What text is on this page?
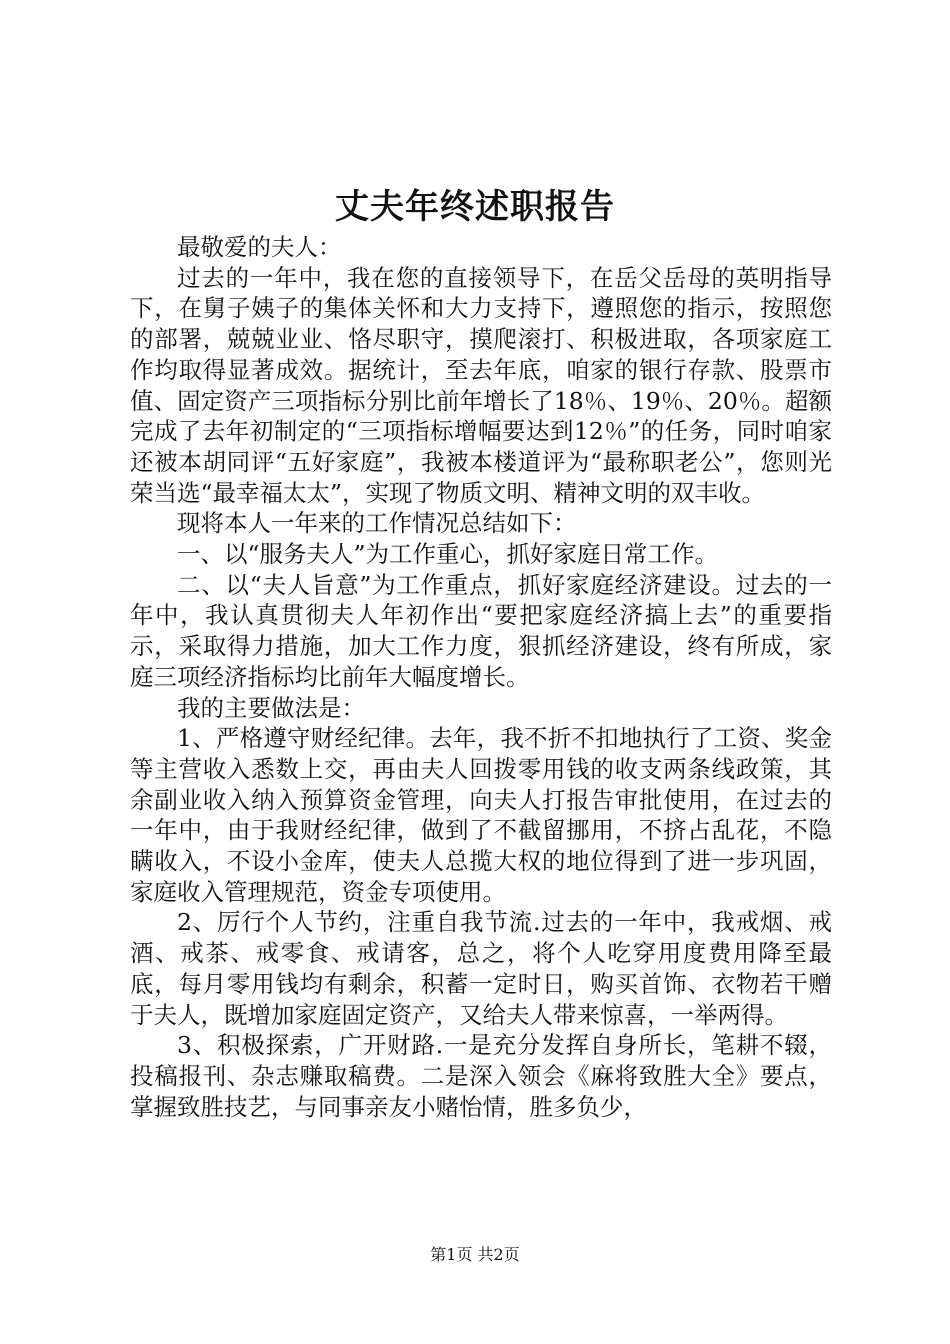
丈夫年终述职报告

最敬爱的夫人：

过去的一年中，我在您的直接领导下，在岳父岳母的英明指导下，在舅子姨子的集体关怀和大力支持下，遵照您的指示，按照您的部署，兢兢业业、恪尽职守，摸爬滚打、积极进取，各项家庭工作均取得显著成效。据统计，至去年底，咱家的银行存款、股票市值、固定资产三项指标分别比前年增长了18％、19％、20％。超额完成了去年初制定的“三项指标增幅要达到12％”的任务，同时咱家还被本胡同评“五好家庭”，我被本楼道评为“最称职老公”，您则光荣当选“最幸福太太”，实现了物质文明、精神文明的双丰收。

现将本人一年来的工作情况总结如下：

一、以“服务夫人”为工作重心，抓好家庭日常工作。

二、以“夫人旨意”为工作重点，抓好家庭经济建设。过去的一年中，我认真贯彻夫人年初作出“要把家庭经济搞上去”的重要指示，采取得力措施，加大工作力度，狠抓经济建设，终有所成，家庭三项经济指标均比前年大幅度增长。

我的主要做法是：

1、严格遵守财经纪律。去年，我不折不扣地执行了工资、奖金等主营收入悉数上交，再由夫人回拨零用钱的收支两条线政策，其余副业收入纳入预算资金管理，向夫人打报告审批使用，在过去的一年中，由于我财经纪律，做到了不截留挪用，不挤占乱花，不隐瞒收入，不设小金库，使夫人总揽大权的地位得到了进一步巩固，家庭收入管理规范，资金专项使用。

2、厉行个人节约，注重自我节流.过去的一年中，我戒烟、戒酒、戒茶、戒零食、戒请客，总之，将个人吃穿用度费用降至最底，每月零用钱均有剩余，积蓄一定时日，购买首饰、衣物若干赠于夫人，既增加家庭固定资产，又给夫人带来惊喜，一举两得。

3、积极探索，广开财路.一是充分发挥自身所长，笔耕不辍，投稿报刊、杂志赚取稿费。二是深入领会《麻将致胜大全》要点，掌握致胜技艺，与同事亲友小赌怡情，胜多负少，

第1页 共2页
